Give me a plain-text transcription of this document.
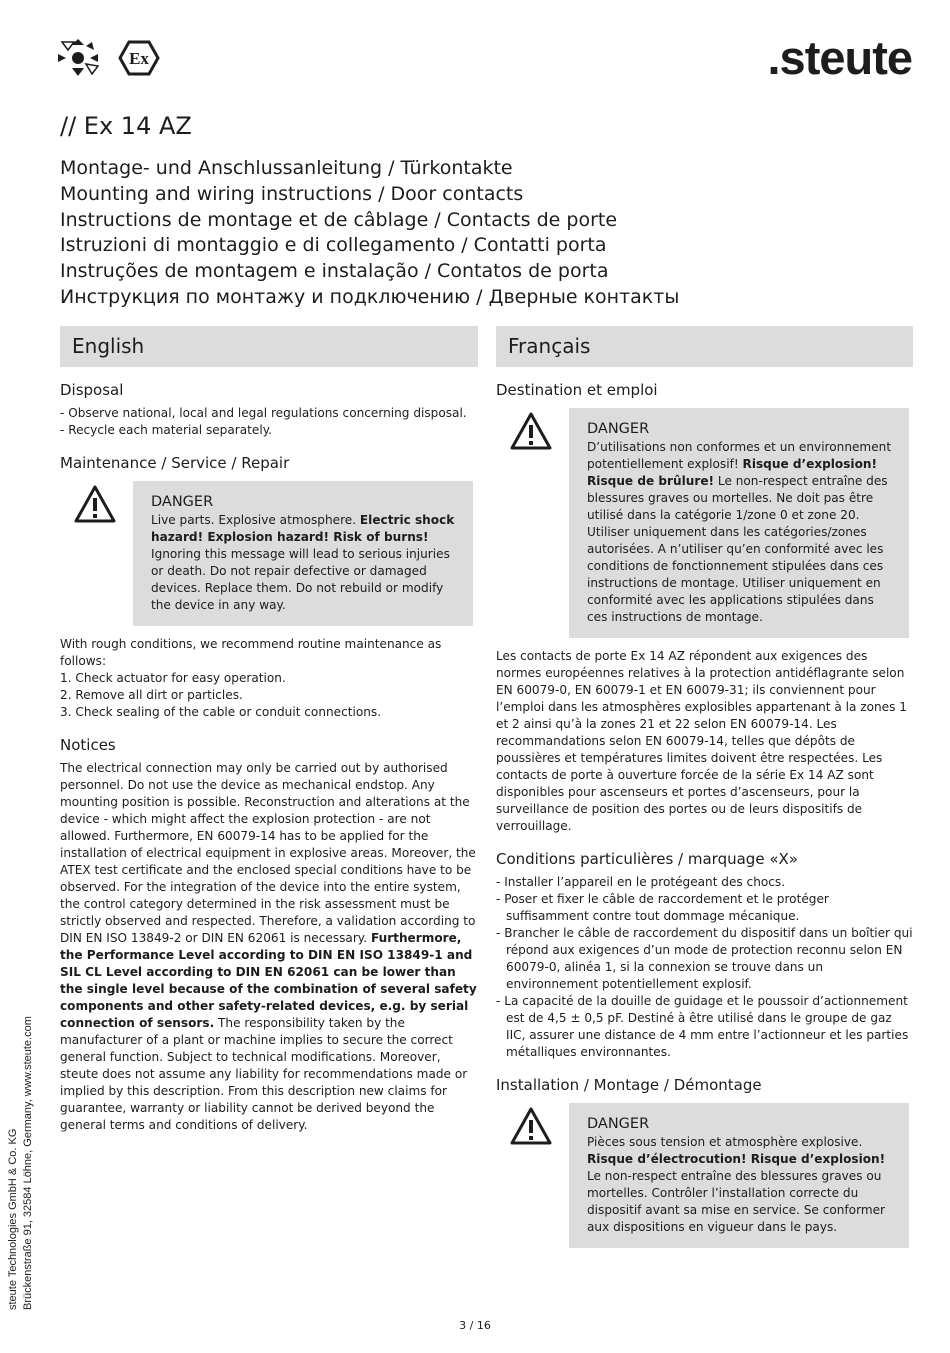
Ex	.steute
// Ex 14 AZ
Montage- und Anschlussanleitung / Türkontakte
Mounting and wiring instructions / Door contacts
Instructions de montage et de câblage / Contacts de porte
Istruzioni di montaggio e di collegamento / Contatti porta
Instruções de montagem e instalação / Contatos de porta
Инструкция по монтажу и подключению / Дверные контакты
English	Français
Disposal
- Observe national, local and legal regulations concerning disposal.
- Recycle each material separately.
Maintenance / Service / Repair
DANGER
Live parts. Explosive atmosphere. Electric shock hazard! Explosion hazard! Risk of burns! Ignoring this message will lead to serious injuries or death. Do not repair defective or damaged devices. Replace them. Do not rebuild or modify the device in any way.
With rough conditions, we recommend routine maintenance as follows:
1. Check actuator for easy operation.
2. Remove all dirt or particles.
3. Check sealing of the cable or conduit connections.
Notices
The electrical connection may only be carried out by authorised personnel. Do not use the device as mechanical endstop. Any mounting position is possible. Reconstruction and alterations at the device - which might affect the explosion protection - are not allowed. Furthermore, EN 60079-14 has to be applied for the installation of electrical equipment in explosive areas. Moreover, the ATEX test certificate and the enclosed special conditions have to be observed. For the integration of the device into the entire system, the control category determined in the risk assessment must be strictly observed and respected. Therefore, a validation according to DIN EN ISO 13849-2 or DIN EN 62061 is necessary. Furthermore, the Performance Level according to DIN EN ISO 13849-1 and SIL CL Level according to DIN EN 62061 can be lower than the single level because of the combination of several safety components and other safety-related devices, e.g. by serial connection of sensors. The responsibility taken by the manufacturer of a plant or machine implies to secure the correct general function. Subject to technical modifications. Moreover, steute does not assume any liability for recommendations made or implied by this description. From this description new claims for guarantee, warranty or liability cannot be derived beyond the general terms and conditions of delivery.
Destination et emploi
DANGER
D’utilisations non conformes et un environnement potentiellement explosif! Risque d’explosion! Risque de brûlure! Le non-respect entraîne des blessures graves ou mortelles. Ne doit pas être utilisé dans la catégorie 1/zone 0 et zone 20. Utiliser uniquement dans les catégories/zones autorisées. A n’utiliser qu’en conformité avec les conditions de fonctionnement stipulées dans ces instructions de montage. Utiliser uniquement en conformité avec les applications stipulées dans ces instructions de montage.
Les contacts de porte Ex 14 AZ répondent aux exigences des normes européennes relatives à la protection antidéflagrante selon EN 60079-0, EN 60079-1 et EN 60079-31; ils conviennent pour l’emploi dans les atmosphères explosibles appartenant à la zones 1 et 2 ainsi qu’à la zones 21 et 22 selon EN 60079-14. Les recommandations selon EN 60079-14, telles que dépôts de poussières et températures limites doivent être respectées. Les contacts de porte à ouverture forcée de la série Ex 14 AZ sont disponibles pour ascenseurs et portes d’ascenseurs, pour la surveillance de position des portes ou de leurs dispositifs de verrouillage.
Conditions particulières / marquage «X»
- Installer l’appareil en le protégeant des chocs.
- Poser et fixer le câble de raccordement et le protéger suffisamment contre tout dommage mécanique.
- Brancher le câble de raccordement du dispositif dans un boîtier qui répond aux exigences d’un mode de protection reconnu selon EN 60079-0, alinéa 1, si la connexion se trouve dans un environnement potentiellement explosif.
- La capacité de la douille de guidage et le poussoir d’actionnement est de 4,5 ± 0,5 pF. Destiné à être utilisé dans le groupe de gaz IIC, assurer une distance de 4 mm entre l’actionneur et les parties métalliques environnantes.
Installation / Montage / Démontage
DANGER
Pièces sous tension et atmosphère explosive. Risque d’électrocution! Risque d’explosion! Le non-respect entraîne des blessures graves ou mortelles. Contrôler l’installation correcte du dispositif avant sa mise en service. Se conformer aux dispositions en vigueur dans le pays.
steute Technologies GmbH & Co. KG Brückenstraße 91, 32584 Löhne, Germany, www.steute.com
3 / 16
